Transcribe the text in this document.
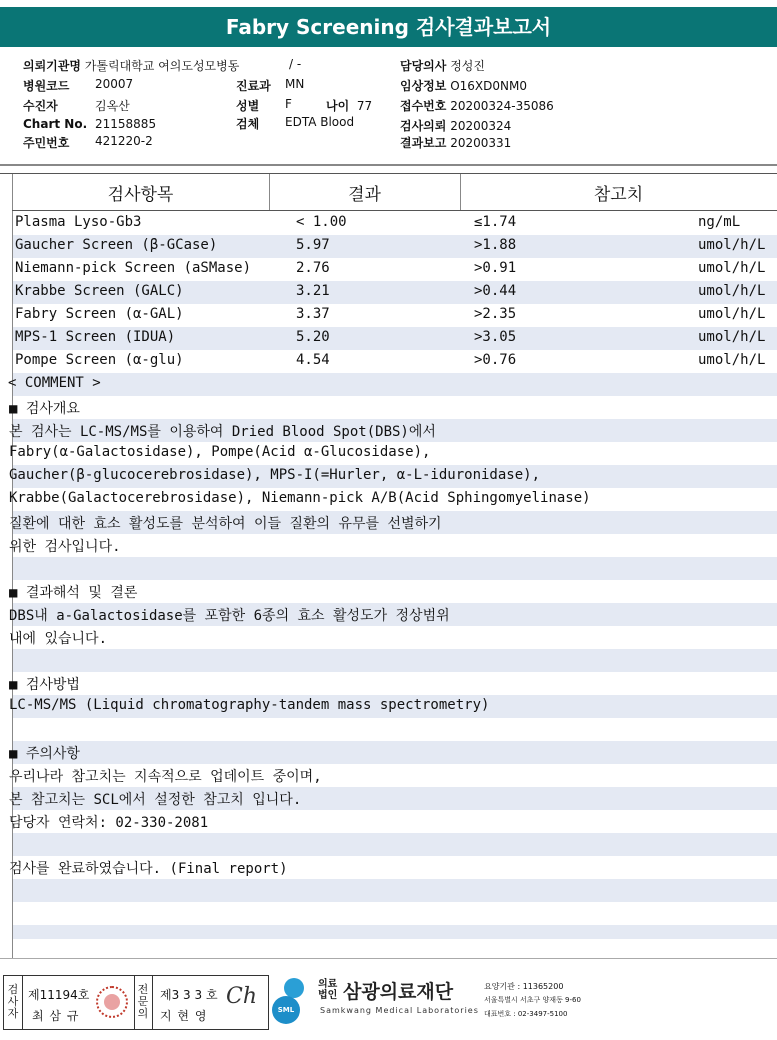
Fabry Screening 검사결과보고서
의뢰기관명 가톨릭대학교 여의도성모병동	/ -	담당의사 정성진
병원코드 20007	진료과 MN	임상정보 O16XD0NM0
수진자	김옥산	성별 F	나이 77 접수번호 20200324-35086
Chart No. 21158885	검체 EDTA Blood	검사의뢰 20200324
주민번호 421220-2	결과보고 20200331
검사항목	결과	참고치
Plasma Lyso-Gb3	< 1.00	≤1.74	ng/mL
Gaucher Screen (β-GCase)	5.97	>1.88	umol/h/L
Niemann-pick Screen (aSMase)	2.76	>0.91	umol/h/L
Krabbe Screen (GALC)	3.21	>0.44	umol/h/L
Fabry Screen (α-GAL)	3.37	>2.35	umol/h/L
MPS-1 Screen (IDUA)	5.20	>3.05	umol/h/L
Pompe Screen (α-glu)	4.54	>0.76	umol/h/L
< COMMENT >
■ 검사개요
본 검사는 LC-MS/MS를 이용하여 Dried Blood Spot(DBS)에서
Fabry(α-Galactosidase), Pompe(Acid α-Glucosidase),
Gaucher(β-glucocerebrosidase), MPS-I(=Hurler, α-L-iduronidase),
Krabbe(Galactocerebrosidase), Niemann-pick A/B(Acid Sphingomyelinase)
질환에 대한 효소 활성도를 분석하여 이들 질환의 유무를 선별하기
위한 검사입니다.
■ 결과해석 및 결론
DBS내 a-Galactosidase를 포함한 6종의 효소 활성도가 정상범위
내에 있습니다.
■ 검사방법
LC-MS/MS (Liquid chromatography-tandem mass spectrometry)
■ 주의사항
우리나라 참고치는 지속적으로 업데이트 중이며,
본 참고치는 SCL에서 설정한 참고치 입니다.
담당자 연락처: 02-330-2081
검사를 완료하였습니다. (Final report)
검사자
제11194호
최 삼 규
전문의
제3 3 3 호
지 현 영
Ch
SML
의료법인 삼광의료재단
Samkwang Medical Laboratories
요양기관 : 11365200
서울특별시 서초구 양재동 9-60
대표번호 : 02-3497-5100
